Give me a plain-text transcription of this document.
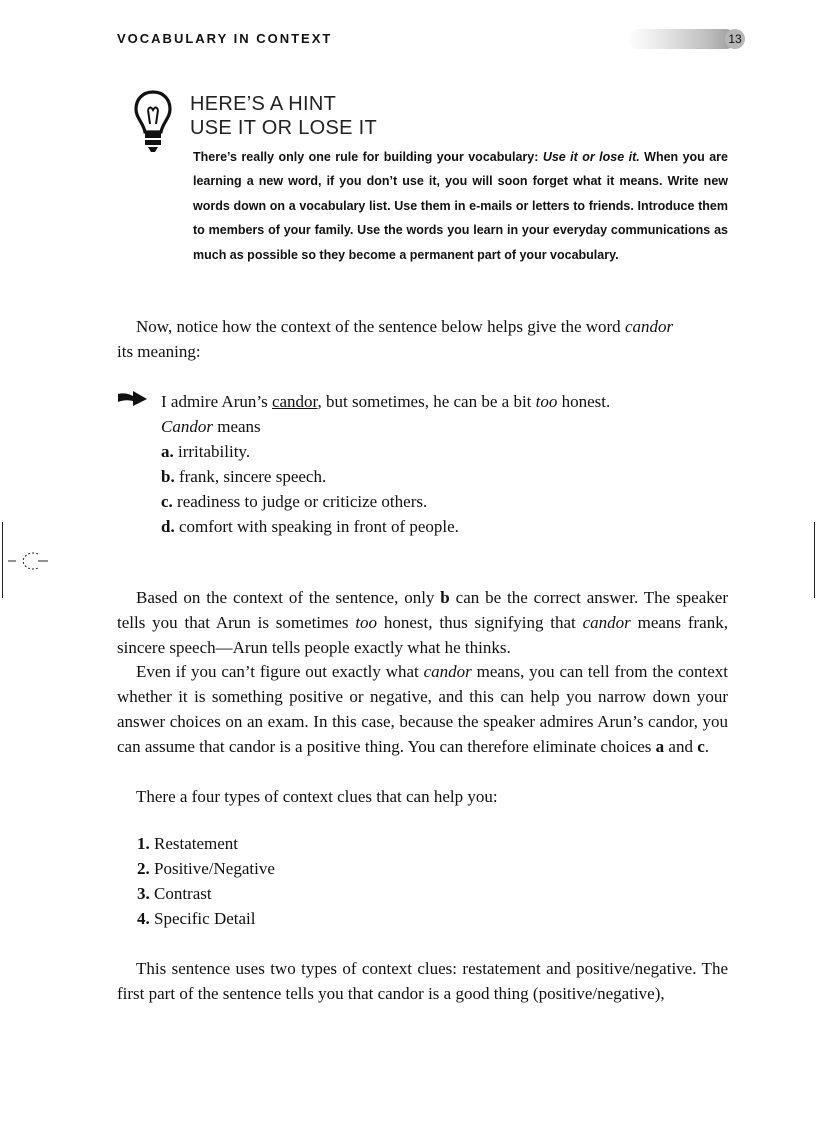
VOCABULARY IN CONTEXT	13
HERE’S A HINT
USE IT OR LOSE IT
There’s really only one rule for building your vocabulary: Use it or lose it. When you are learning a new word, if you don’t use it, you will soon forget what it means. Write new words down on a vocabulary list. Use them in e-mails or letters to friends. Introduce them to members of your family. Use the words you learn in your everyday communications as much as possible so they become a permanent part of your vocabulary.
Now, notice how the context of the sentence below helps give the word candor
its meaning:
I admire Arun’s candor, but sometimes, he can be a bit too honest.
Candor means
a. irritability.
b. frank, sincere speech.
c. readiness to judge or criticize others.
d. comfort with speaking in front of people.
Based on the context of the sentence, only b can be the correct answer. The speaker tells you that Arun is sometimes too honest, thus signifying that candor means frank, sincere speech—Arun tells people exactly what he thinks.
Even if you can’t figure out exactly what candor means, you can tell from the context whether it is something positive or negative, and this can help you narrow down your answer choices on an exam. In this case, because the speaker admires Arun’s candor, you can assume that candor is a positive thing. You can therefore eliminate choices a and c.
There a four types of context clues that can help you:
1. Restatement
2. Positive/Negative
3. Contrast
4. Specific Detail
This sentence uses two types of context clues: restatement and positive/negative. The first part of the sentence tells you that candor is a good thing (positive/negative),
